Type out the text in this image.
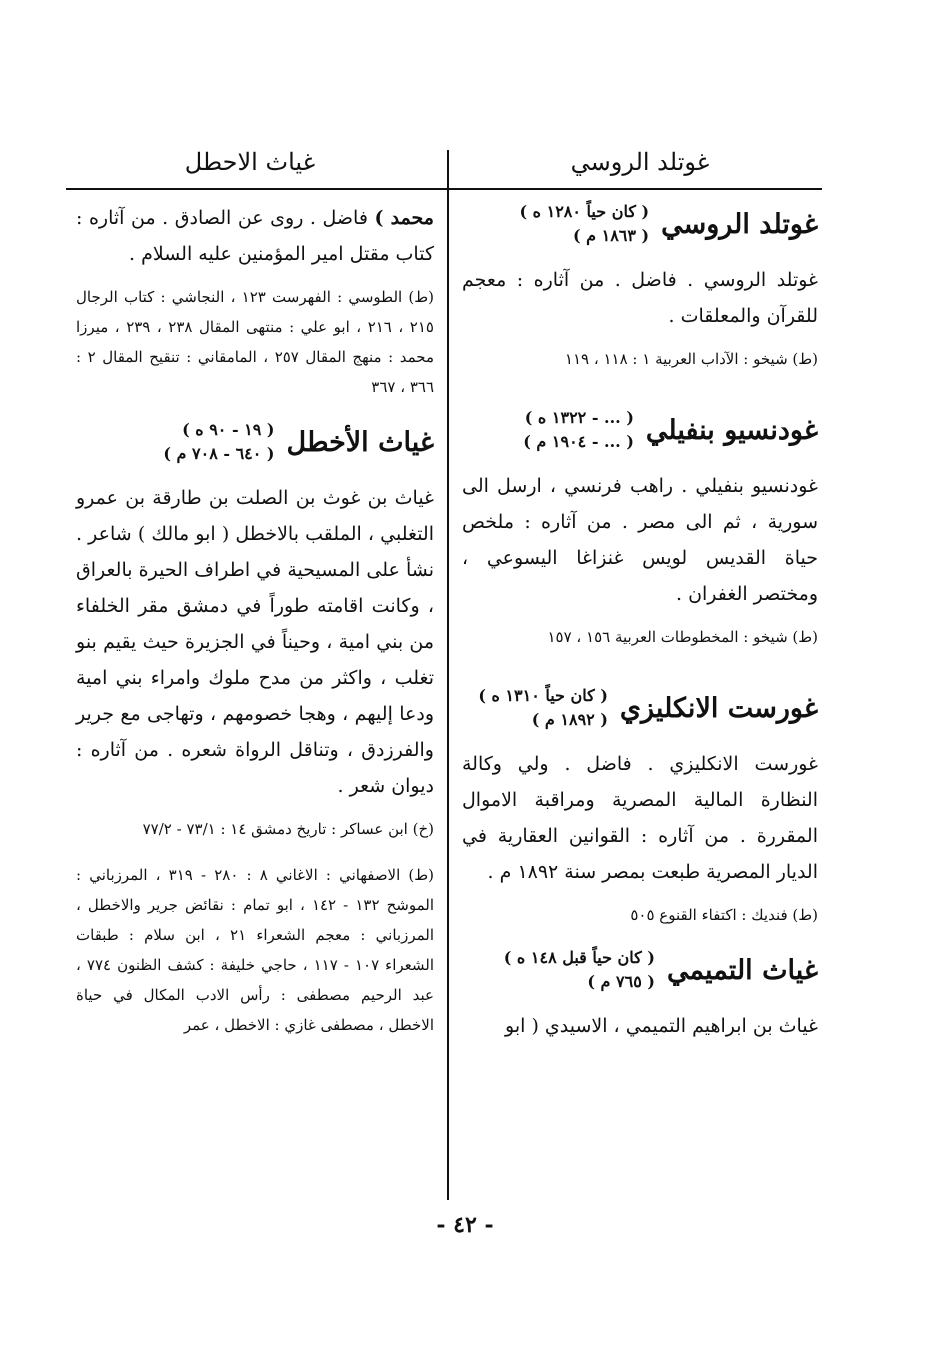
غوتلد الروسي
غياث الاحطل
غوتلد الروسي
( كان حياً ١٢٨٠ ه )
( ١٨٦٣ م )

غوتلد الروسي . فاضل . من آثاره : معجم للقرآن والمعلقات .

(ط) شيخو : الآداب العربية ١ : ١١٨ ، ١١٩

غودنسيو بنفيلي
( ... - ١٣٢٢ ه )
( ... - ١٩٠٤ م )

غودنسيو بنفيلي . راهب فرنسي ، ارسل الى سورية ، ثم الى مصر . من آثاره : ملخص حياة القديس لويس غنزاغا اليسوعي ، ومختصر الغفران .

(ط) شيخو : المخطوطات العربية ١٥٦ ، ١٥٧

غورست الانكليزي
( كان حياً ١٣١٠ ه )
( ١٨٩٢ م )

غورست الانكليزي . فاضل . ولي وكالة النظارة المالية المصرية ومراقبة الاموال المقررة . من آثاره : القوانين العقارية في الديار المصرية طبعت بمصر سنة ١٨٩٢ م .

(ط) فنديك : اكتفاء القنوع ٥٠٥

غياث التميمي
( كان حياً قبل ١٤٨ ه )
( ٧٦٥ م )

غياث بن ابراهيم التميمي ، الاسيدي ( ابو

محمد ) فاضل . روى عن الصادق . من آثاره : كتاب مقتل امير المؤمنين عليه السلام .

(ط) الطوسي : الفهرست ١٢٣ ، النجاشي : كتاب الرجال ٢١٥ ، ٢١٦ ، ابو علي : منتهى المقال ٢٣٨ ، ٢٣٩ ، ميرزا محمد : منهج المقال ٢٥٧ ، المامقاني : تنقيح المقال ٢ : ٣٦٦ ، ٣٦٧

غياث الأخطل
( ١٩ - ٩٠ ه )
( ٦٤٠ - ٧٠٨ م )

غياث بن غوث بن الصلت بن طارقة بن عمرو التغلبي ، الملقب بالاخطل ( ابو مالك ) شاعر . نشأ على المسيحية في اطراف الحيرة بالعراق ، وكانت اقامته طوراً في دمشق مقر الخلفاء من بني امية ، وحيناً في الجزيرة حيث يقيم بنو تغلب ، واكثر من مدح ملوك وامراء بني امية ودعا إليهم ، وهجا خصومهم ، وتهاجى مع جرير والفرزدق ، وتناقل الرواة شعره . من آثاره : ديوان شعر .

(خ) ابن عساكر : تاريخ دمشق ١٤ : ٧٣/١ - ٧٧/٢

(ط) الاصفهاني : الاغاني ٨ : ٢٨٠ - ٣١٩ ، المرزباني : الموشح ١٣٢ - ١٤٢ ، ابو تمام : نقائض جرير والاخطل ، المرزباني : معجم الشعراء ٢١ ، ابن سلام : طبقات الشعراء ١٠٧ - ١١٧ ، حاجي خليفة : كشف الظنون ٧٧٤ ، عبد الرحيم مصطفى : رأس الادب المكال في حياة الاخطل ، مصطفى غازي : الاخطل ، عمر

- ٤٢ -
